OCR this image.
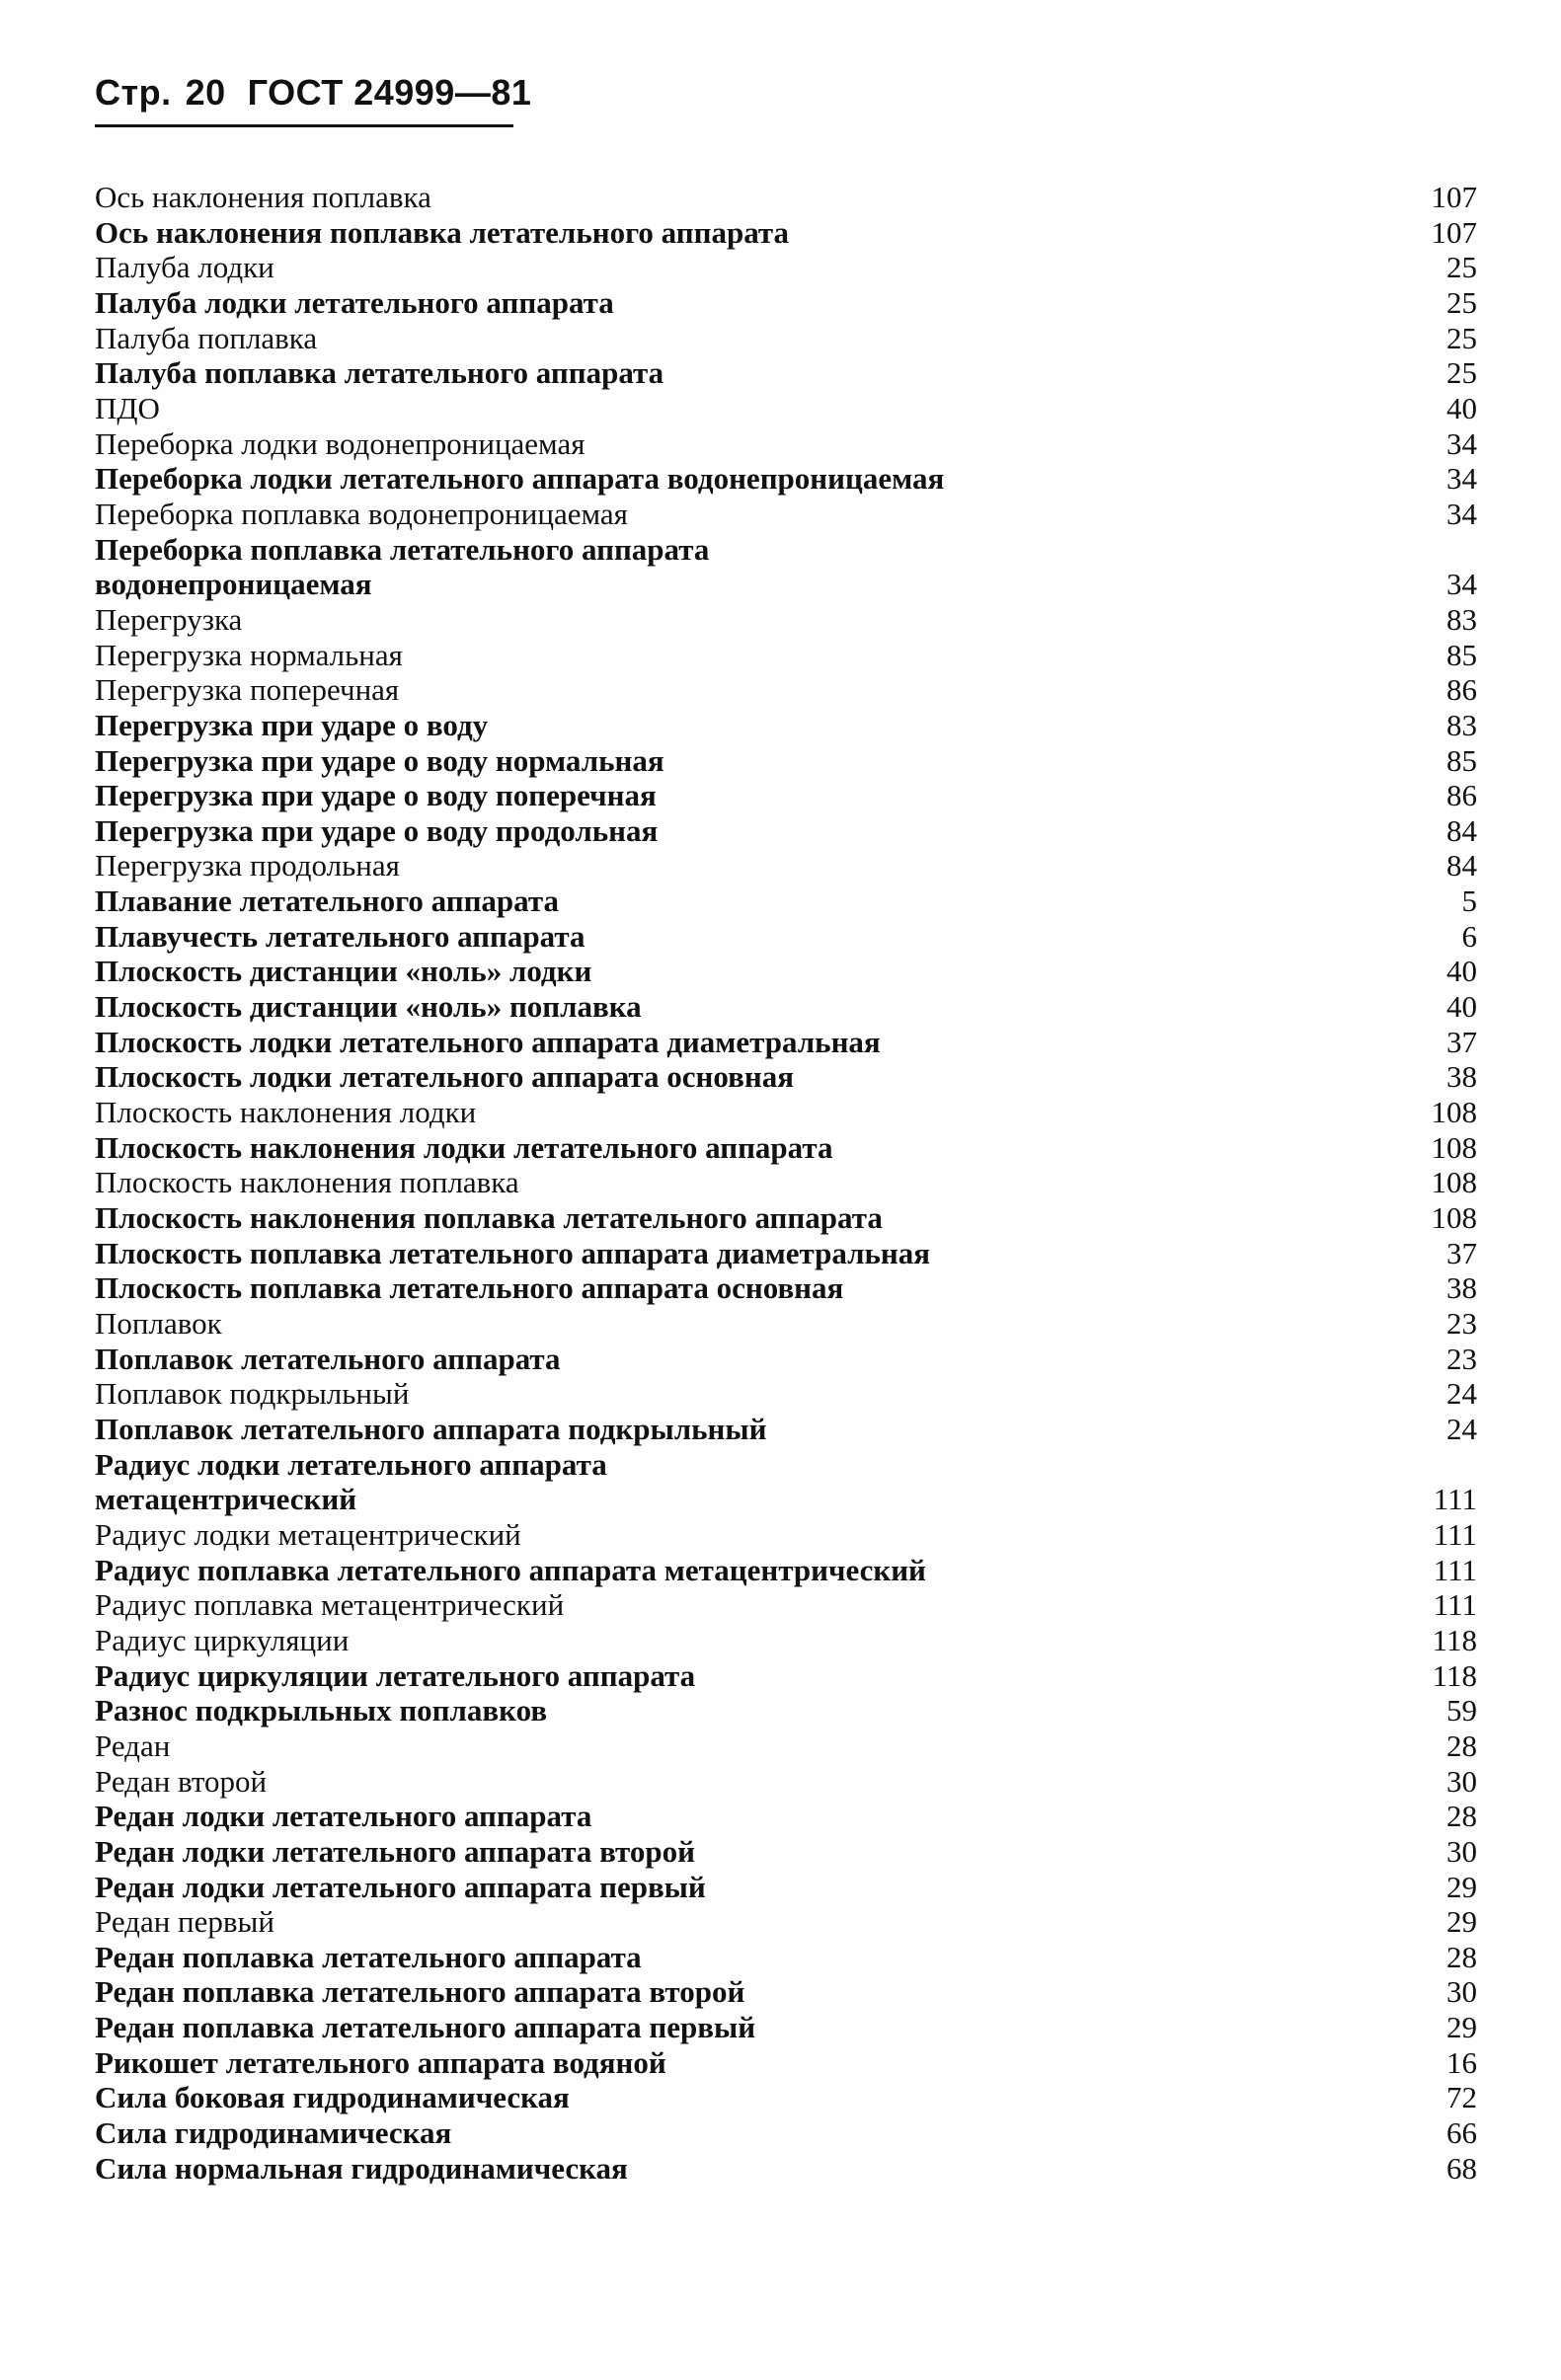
Стр. 20 ГОСТ 24999—81
Ось наклонения поплавка	107
Ось наклонения поплавка летательного аппарата	107
Палуба лодки	25
Палуба лодки летательного аппарата	25
Палуба поплавка	25
Палуба поплавка летательного аппарата	25
ПДО	40
Переборка лодки водонепроницаемая	34
Переборка лодки летательного аппарата водонепроницаемая	34
Переборка поплавка водонепроницаемая	34
Переборка поплавка летательного аппарата
водонепроницаемая	34
Перегрузка	83
Перегрузка нормальная	85
Перегрузка поперечная	86
Перегрузка при ударе о воду	83
Перегрузка при ударе о воду нормальная	85
Перегрузка при ударе о воду поперечная	86
Перегрузка при ударе о воду продольная	84
Перегрузка продольная	84
Плавание летательного аппарата	5
Плавучесть летательного аппарата	6
Плоскость дистанции «ноль» лодки	40
Плоскость дистанции «ноль» поплавка	40
Плоскость лодки летательного аппарата диаметральная	37
Плоскость лодки летательного аппарата основная	38
Плоскость наклонения лодки	108
Плоскость наклонения лодки летательного аппарата	108
Плоскость наклонения поплавка	108
Плоскость наклонения поплавка летательного аппарата	108
Плоскость поплавка летательного аппарата диаметральная	37
Плоскость поплавка летательного аппарата основная	38
Поплавок	23
Поплавок летательного аппарата	23
Поплавок подкрыльный	24
Поплавок летательного аппарата подкрыльный	24
Радиус лодки летательного аппарата
метацентрический	111
Радиус лодки метацентрический	111
Радиус поплавка летательного аппарата метацентрический	111
Радиус поплавка метацентрический	111
Радиус циркуляции	118
Радиус циркуляции летательного аппарата	118
Разнос подкрыльных поплавков	59
Редан	28
Редан второй	30
Редан лодки летательного аппарата	28
Редан лодки летательного аппарата второй	30
Редан лодки летательного аппарата первый	29
Редан первый	29
Редан поплавка летательного аппарата	28
Редан поплавка летательного аппарата второй	30
Редан поплавка летательного аппарата первый	29
Рикошет летательного аппарата водяной	16
Сила боковая гидродинамическая	72
Сила гидродинамическая	66
Сила нормальная гидродинамическая	68
